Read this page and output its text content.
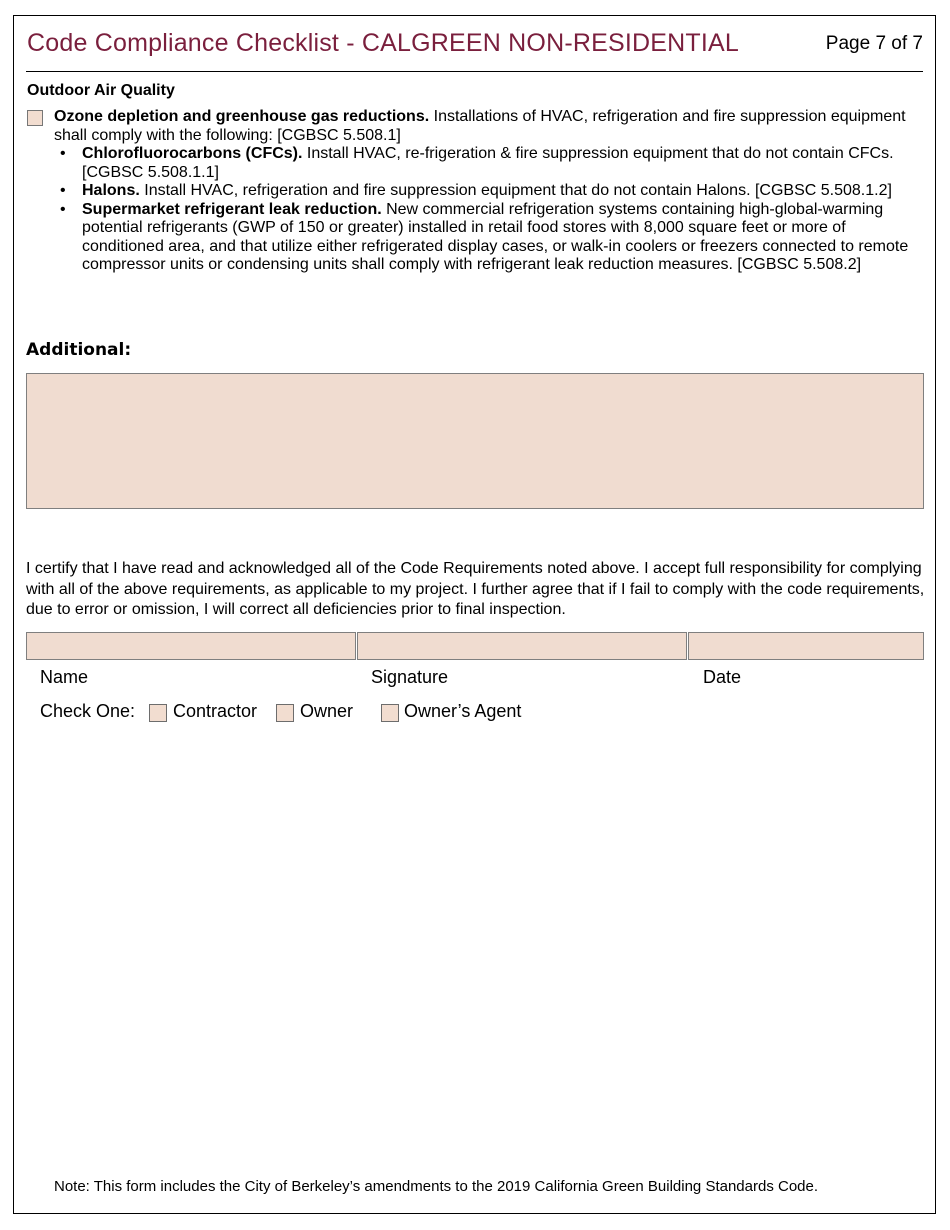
Code Compliance Checklist - CALGREEN NON-RESIDENTIAL	Page 7 of 7
Outdoor Air Quality
Ozone depletion and greenhouse gas reductions. Installations of HVAC, refrigeration and fire suppression equipment shall comply with the following: [CGBSC 5.508.1]
• Chlorofluorocarbons (CFCs). Install HVAC, re-frigeration & fire suppression equipment that do not contain CFCs. [CGBSC 5.508.1.1]
• Halons. Install HVAC, refrigeration and fire suppression equipment that do not contain Halons. [CGBSC 5.508.1.2]
• Supermarket refrigerant leak reduction. New commercial refrigeration systems containing high-global-warming potential refrigerants (GWP of 150 or greater) installed in retail food stores with 8,000 square feet or more of conditioned area, and that utilize either refrigerated display cases, or walk-in coolers or freezers connected to remote compressor units or condensing units shall comply with refrigerant leak reduction measures. [CGBSC 5.508.2]
Additional:
I certify that I have read and acknowledged all of the Code Requirements noted above. I accept full responsibility for complying with all of the above requirements, as applicable to my project. I further agree that if I fail to comply with the code requirements, due to error or omission, I will correct all deficiencies prior to final inspection.
Name	Signature	Date
Check One: Contractor Owner	Owner’s Agent
Note: This form includes the City of Berkeley’s amendments to the 2019 California Green Building Standards Code.
